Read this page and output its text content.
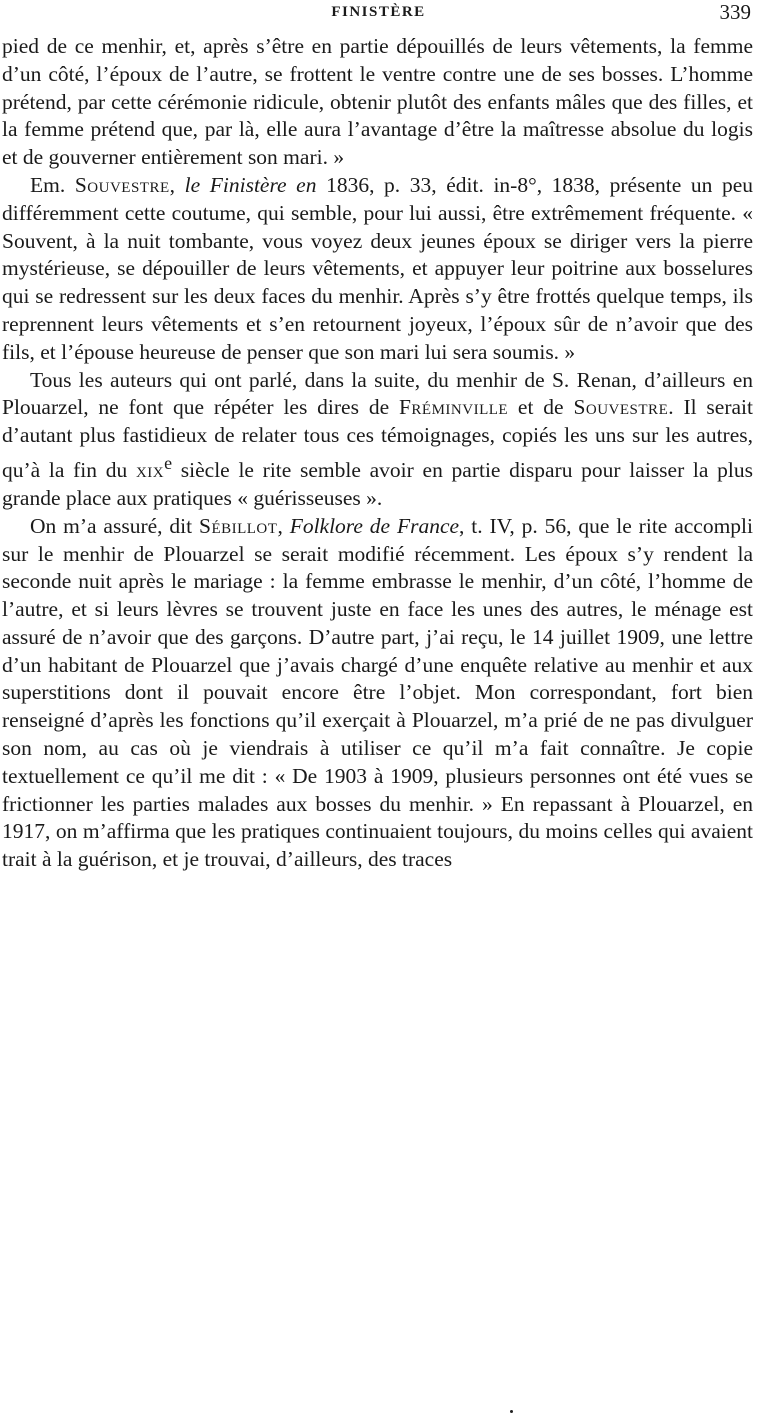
FINISTÈRE	339

pied de ce menhir, et, après s’être en partie dépouillés de leurs vêtements, la femme d’un côté, l’époux de l’autre, se frottent le ventre contre une de ses bosses. L’homme prétend, par cette cérémonie ridicule, obtenir plutôt des enfants mâles que des filles, et la femme prétend que, par là, elle aura l’avantage d’être la maîtresse absolue du logis et de gouverner entièrement son mari. »

Em. Souvestre, le Finistère en 1836, p. 33, édit. in-8°, 1838, présente un peu différemment cette coutume, qui semble, pour lui aussi, être extrêmement fréquente. « Souvent, à la nuit tombante, vous voyez deux jeunes époux se diriger vers la pierre mystérieuse, se dépouiller de leurs vêtements, et appuyer leur poitrine aux bosselures qui se redressent sur les deux faces du menhir. Après s’y être frottés quelque temps, ils reprennent leurs vêtements et s’en retournent joyeux, l’époux sûr de n’avoir que des fils, et l’épouse heureuse de penser que son mari lui sera soumis. »

Tous les auteurs qui ont parlé, dans la suite, du menhir de S. Renan, d’ailleurs en Plouarzel, ne font que répéter les dires de Fréminville et de Souvestre. Il serait d’autant plus fastidieux de relater tous ces témoignages, copiés les uns sur les autres, qu’à la fin du xix$^e$ siècle le rite semble avoir en partie disparu pour laisser la plus grande place aux pratiques « guérisseuses ».

On m’a assuré, dit Sébillot, Folklore de France, t. IV, p. 56, que le rite accompli sur le menhir de Plouarzel se serait modifié récemment. Les époux s’y rendent la seconde nuit après le mariage : la femme embrasse le menhir, d’un côté, l’homme de l’autre, et si leurs lèvres se trouvent juste en face les unes des autres, le ménage est assuré de n’avoir que des garçons. D’autre part, j’ai reçu, le 14 juillet 1909, une lettre d’un habitant de Plouarzel que j’avais chargé d’une enquête relative au menhir et aux superstitions dont il pouvait encore être l’objet. Mon correspondant, fort bien renseigné d’après les fonctions qu’il exerçait à Plouarzel, m’a prié de ne pas divulguer son nom, au cas où je viendrais à utiliser ce qu’il m’a fait connaître. Je copie textuellement ce qu’il me dit : « De 1903 à 1909, plusieurs personnes ont été vues se frictionner les parties malades aux bosses du menhir. » En repassant à Plouarzel, en 1917, on m’affirma que les pratiques continuaient toujours, du moins celles qui avaient trait à la guérison, et je trouvai, d’ailleurs, des traces
